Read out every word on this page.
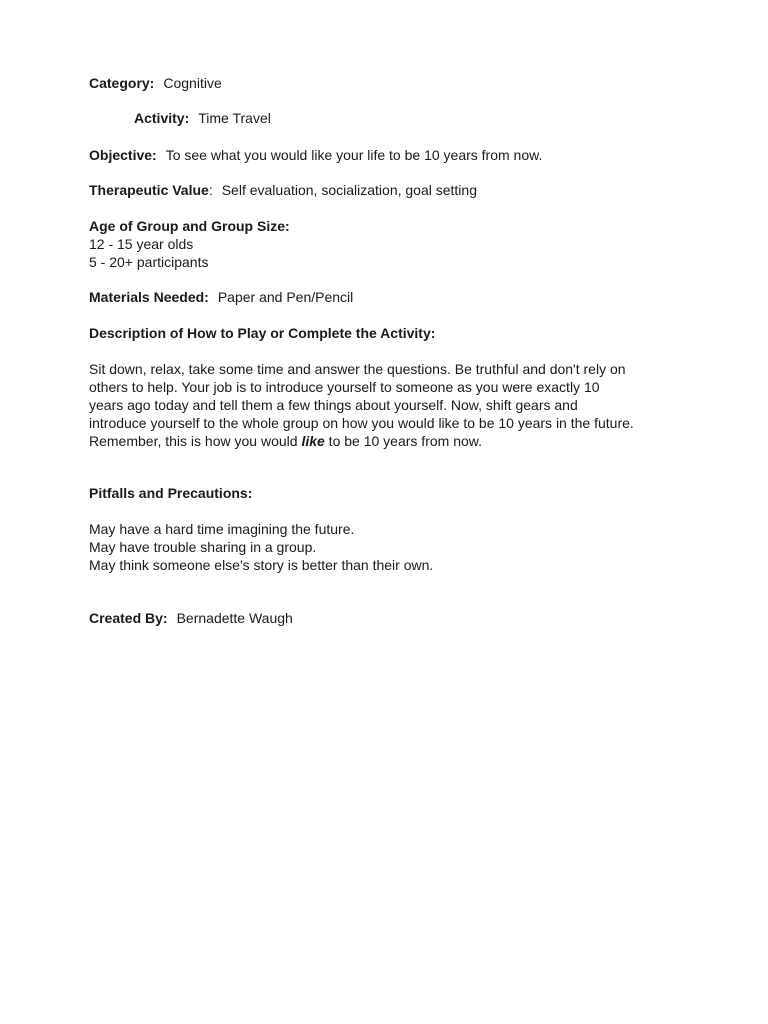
Category: Cognitive

Activity: Time Travel

Objective: To see what you would like your life to be 10 years from now.

Therapeutic Value: Self evaluation, socialization, goal setting

Age of Group and Group Size:
12 - 15 year olds
5 - 20+ participants

Materials Needed: Paper and Pen/Pencil

Description of How to Play or Complete the Activity:

Sit down, relax, take some time and answer the questions. Be truthful and don't rely on
others to help. Your job is to introduce yourself to someone as you were exactly 10
years ago today and tell them a few things about yourself. Now, shift gears and
introduce yourself to the whole group on how you would like to be 10 years in the future.
Remember, this is how you would like to be 10 years from now.

Pitfalls and Precautions:

May have a hard time imagining the future.
May have trouble sharing in a group.
May think someone else's story is better than their own.

Created By: Bernadette Waugh
